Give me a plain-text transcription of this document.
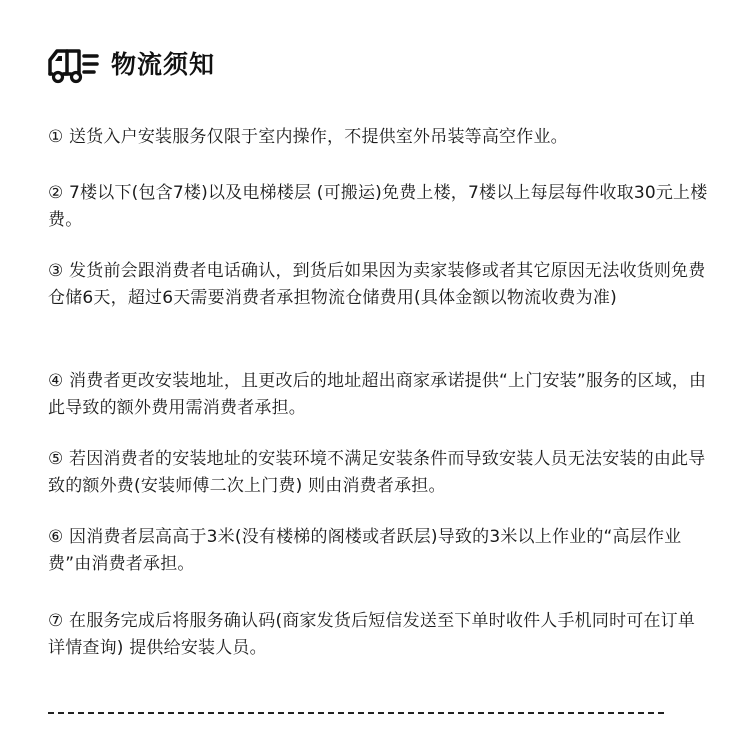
物流须知
① 送货入户安装服务仅限于室内操作，不提供室外吊装等高空作业。
② 7楼以下(包含7楼)以及电梯楼层 (可搬运)免费上楼，7楼以上每层每件收取30元上楼费。
③ 发货前会跟消费者电话确认，到货后如果因为卖家装修或者其它原因无法收货则免费仓储6天，超过6天需要消费者承担物流仓储费用(具体金额以物流收费为准)
④ 消费者更改安装地址，且更改后的地址超出商家承诺提供“上门安装”服务的区域，由此导致的额外费用需消费者承担。
⑤ 若因消费者的安装地址的安装环境不满足安装条件而导致安装人员无法安装的由此导致的额外费(安装师傅二次上门费) 则由消费者承担。
⑥ 因消费者层高高于3米(没有楼梯的阁楼或者跃层)导致的3米以上作业的“高层作业费”由消费者承担。
⑦ 在服务完成后将服务确认码(商家发货后短信发送至下单时收件人手机同时可在订单详情查询) 提供给安装人员。
